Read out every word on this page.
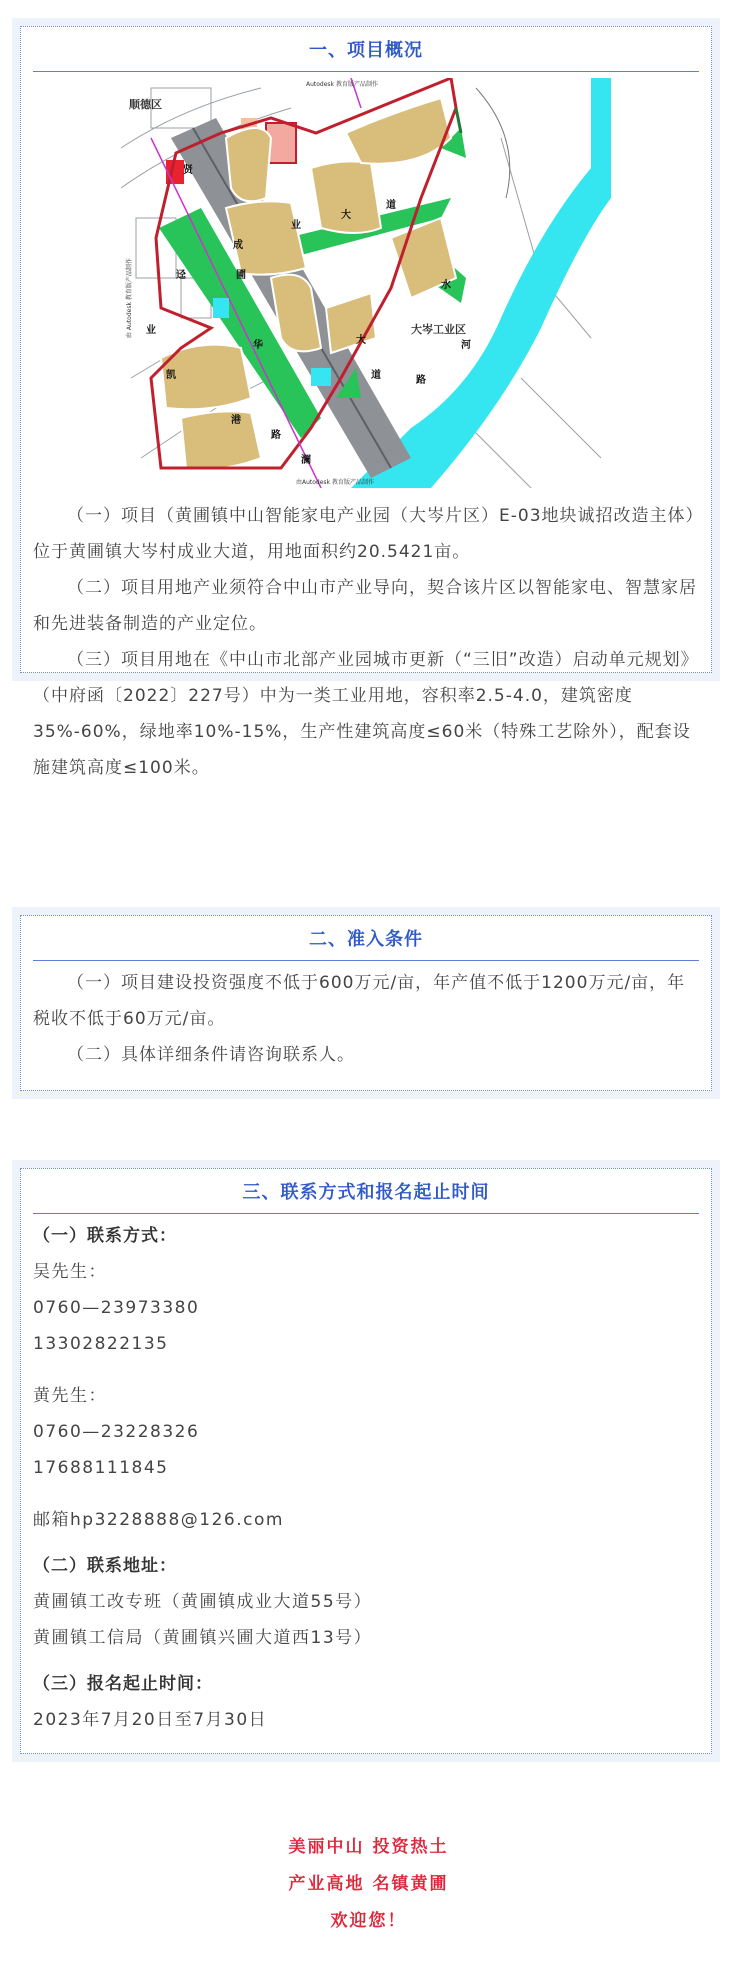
一、项目概况
顺德区
大岑工业区
Autodesk 教育版产品制作
由Autodesk 教育版产品制作
由 Autodesk 教育版产品制作
贤
成
业
大
道
迳	圃
华	大
道
港
路
澜
水
河
业
凯	路

（一）项目（黄圃镇中山智能家电产业园（大岑片区）E-03地块诚招改造主体）位于黄圃镇大岑村成业大道，用地面积约20.5421亩。

（二）项目用地产业须符合中山市产业导向，契合该片区以智能家电、智慧家居和先进装备制造的产业定位。

（三）项目用地在《中山市北部产业园城市更新（“三旧”改造）启动单元规划》（中府函〔2022〕227号）中为一类工业用地，容积率2.5-4.0，建筑密度35%-60%，绿地率10%-15%，生产性建筑高度≤60米（特殊工艺除外），配套设施建筑高度≤100米。

二、准入条件

（一）项目建设投资强度不低于600万元/亩，年产值不低于1200万元/亩，年税收不低于60万元/亩。

（二）具体详细条件请咨询联系人。

三、联系方式和报名起止时间
（一）联系方式：
吴先生：
0760—23973380
13302822135
黄先生：
0760—23228326
17688111845
邮箱hp3228888@126.com
（二）联系地址：
黄圃镇工改专班（黄圃镇成业大道55号）
黄圃镇工信局（黄圃镇兴圃大道西13号）
（三）报名起止时间：
2023年7月20日至7月30日
美丽中山 投资热土
产业高地 名镇黄圃
欢迎您！
